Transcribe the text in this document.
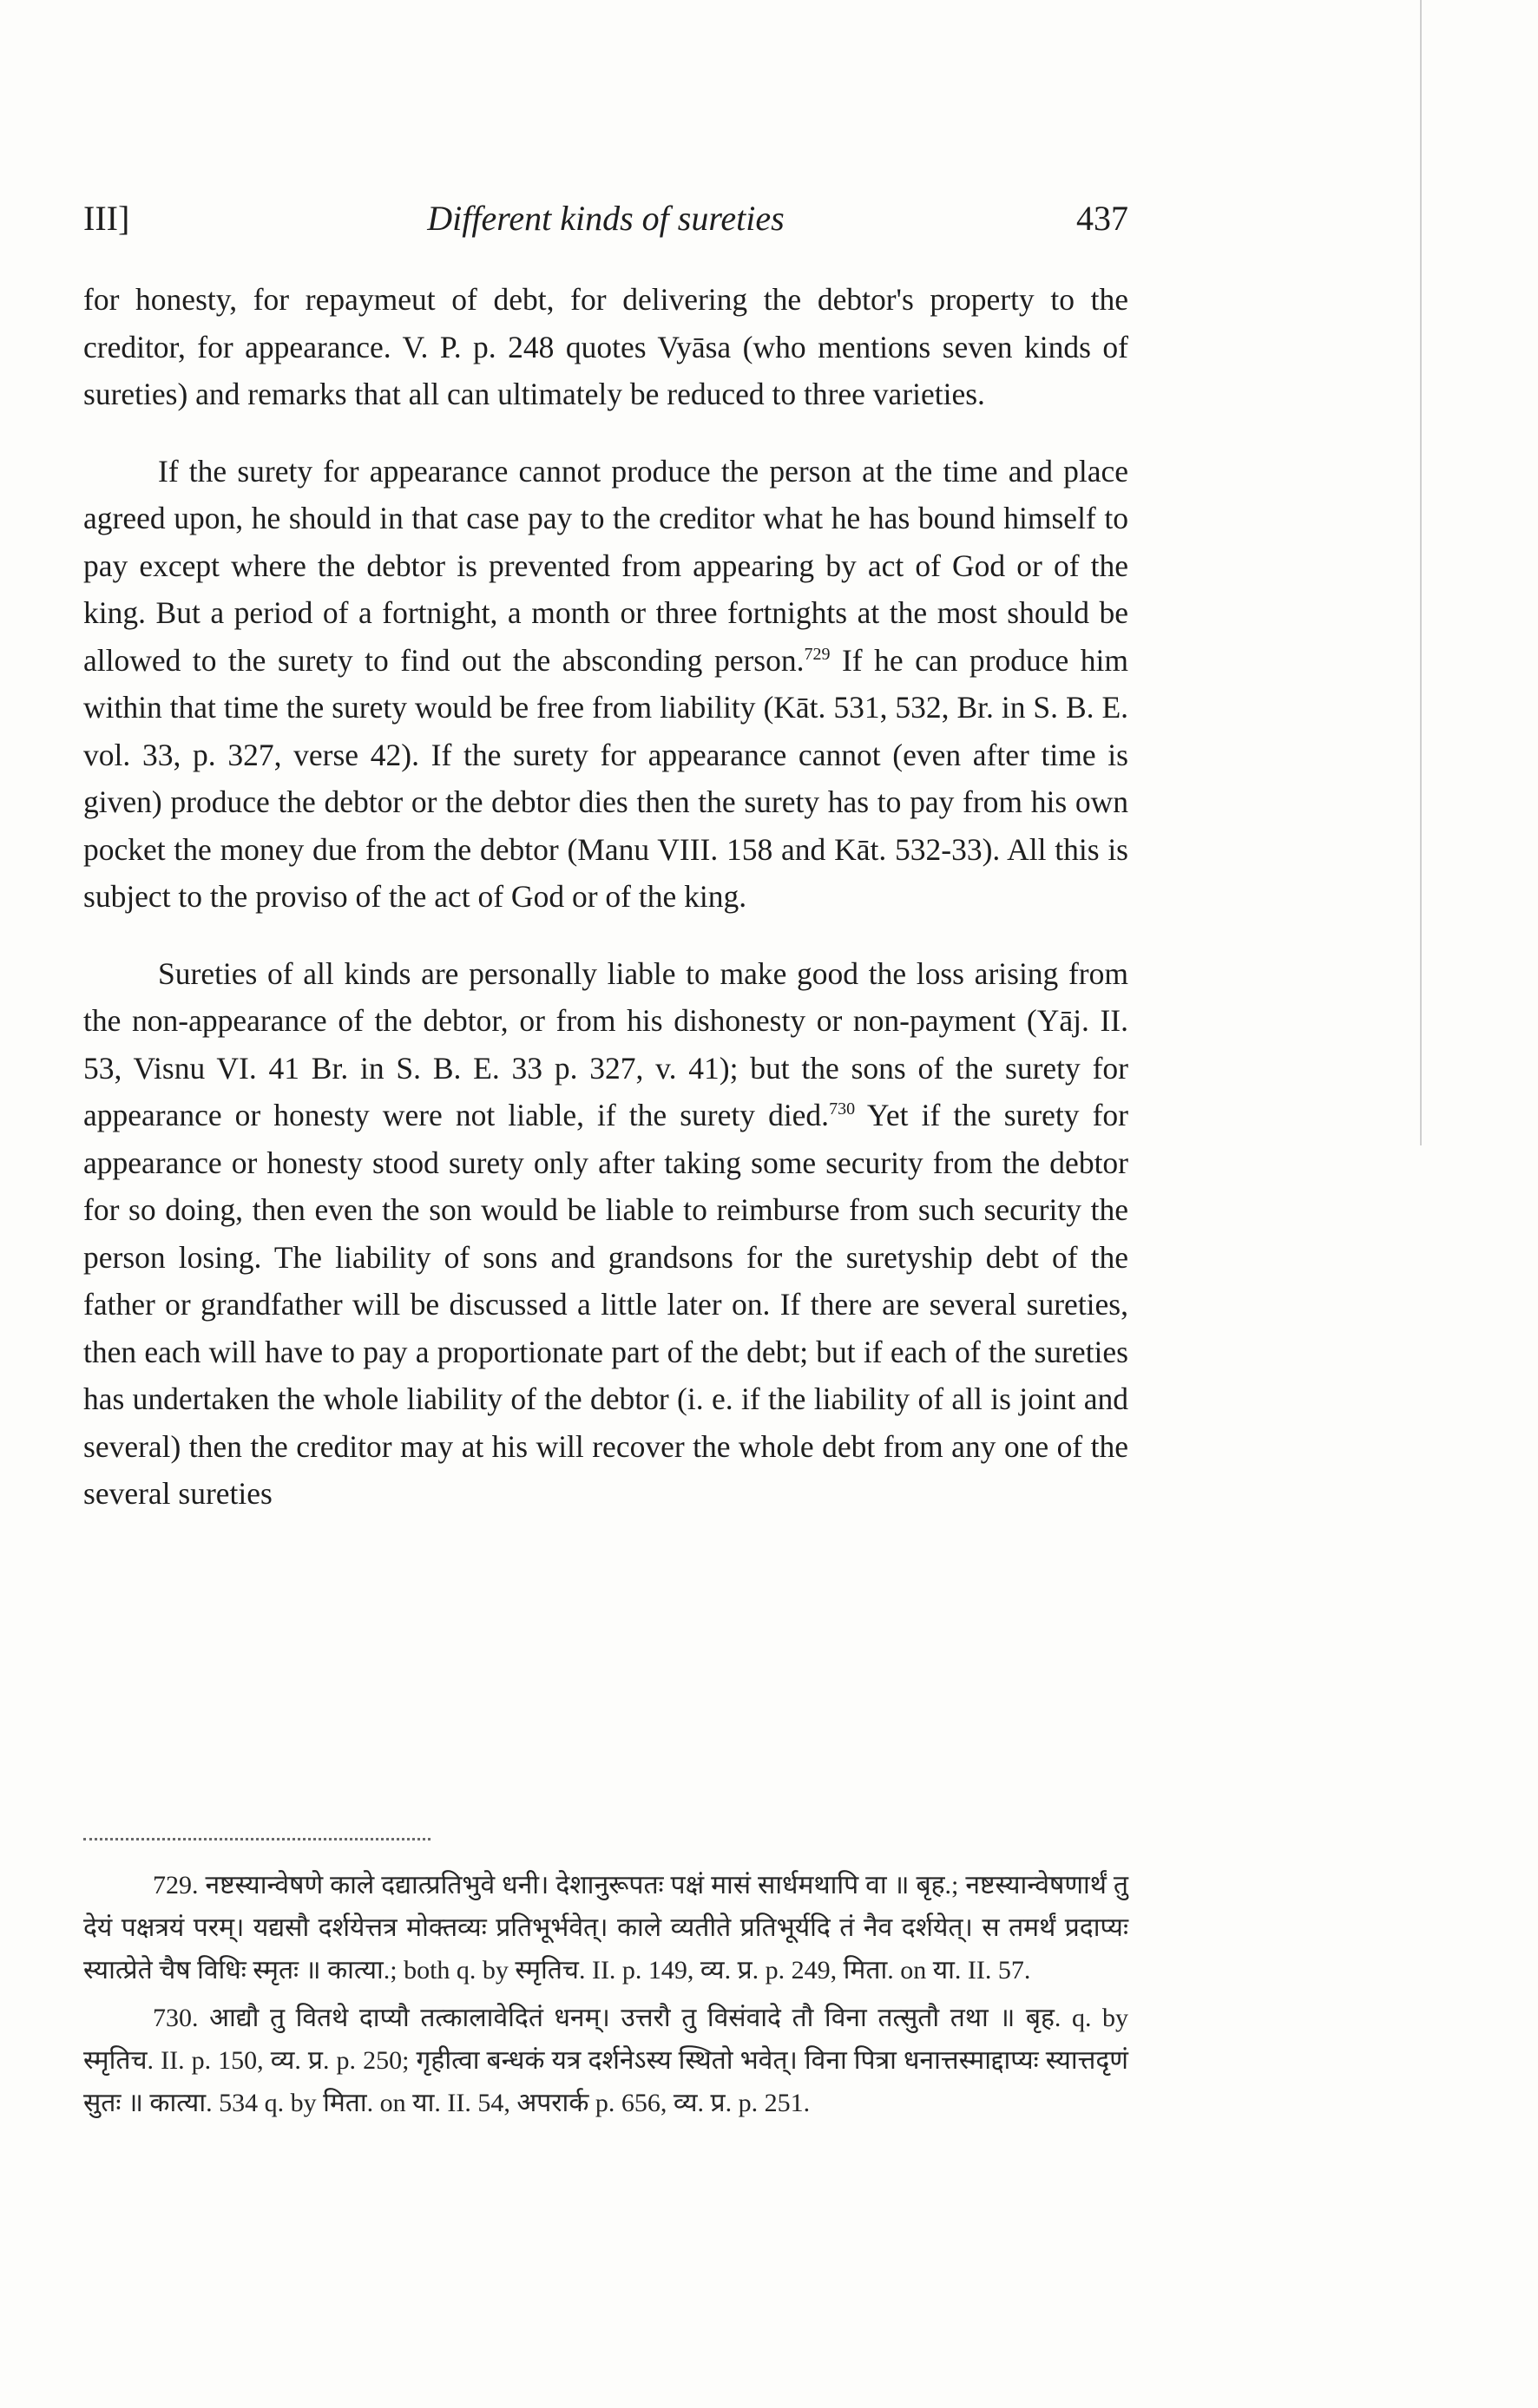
III]	Different kinds of sureties	437

for honesty, for repaymeut of debt, for delivering the debtor's property to the creditor, for appearance. V. P. p. 248 quotes Vyāsa (who mentions seven kinds of sureties) and remarks that all can ultimately be reduced to three varieties.

If the surety for appearance cannot produce the person at the time and place agreed upon, he should in that case pay to the creditor what he has bound himself to pay except where the debtor is prevented from appearing by act of God or of the king. But a period of a fortnight, a month or three fortnights at the most should be allowed to the surety to find out the absconding person.$^{729}$ If he can produce him within that time the surety would be free from liability (Kāt. 531, 532, Br. in S. B. E. vol. 33, p. 327, verse 42). If the surety for appearance cannot (even after time is given) produce the debtor or the debtor dies then the surety has to pay from his own pocket the money due from the debtor (Manu VIII. 158 and Kāt. 532-33). All this is subject to the proviso of the act of God or of the king.

Sureties of all kinds are personally liable to make good the loss arising from the non-appearance of the debtor, or from his dishonesty or non-payment (Yāj. II. 53, Visnu VI. 41 Br. in S. B. E. 33 p. 327, v. 41); but the sons of the surety for appearance or honesty were not liable, if the surety died.$^{730}$ Yet if the surety for appearance or honesty stood surety only after taking some security from the debtor for so doing, then even the son would be liable to reimburse from such security the person losing. The liability of sons and grandsons for the suretyship debt of the father or grandfather will be discussed a little later on. If there are several sureties, then each will have to pay a proportionate part of the debt; but if each of the sureties has undertaken the whole liability of the debtor (i. e. if the liability of all is joint and several) then the creditor may at his will recover the whole debt from any one of the several sureties

729. नष्टस्यान्वेषणे काले दद्यात्प्रतिभुवे धनी। देशानुरूपतः पक्षं मासं सार्धमथापि वा ॥ बृह.; नष्टस्यान्वेषणार्थं तु देयं पक्षत्रयं परम्। यद्यसौ दर्शयेत्तत्र मोक्तव्यः प्रतिभूर्भवेत्। काले व्यतीते प्रतिभूर्यदि तं नैव दर्शयेत्। स तमर्थं प्रदाप्यः स्यात्प्रेते चैष विधिः स्मृतः ॥ कात्या.; both q. by स्मृतिच. II. p. 149, व्य. प्र. p. 249, मिता. on या. II. 57.

730. आद्यौ तु वितथे दाप्यौ तत्कालावेदितं धनम्। उत्तरौ तु विसंवादे तौ विना तत्सुतौ तथा ॥ बृह. q. by स्मृतिच. II. p. 150, व्य. प्र. p. 250; गृहीत्वा बन्धकं यत्र दर्शनेऽस्य स्थितो भवेत्। विना पित्रा धनात्तस्माद्दाप्यः स्यात्तदृणं सुतः ॥ कात्या. 534 q. by मिता. on या. II. 54, अपरार्क p. 656, व्य. प्र. p. 251.
